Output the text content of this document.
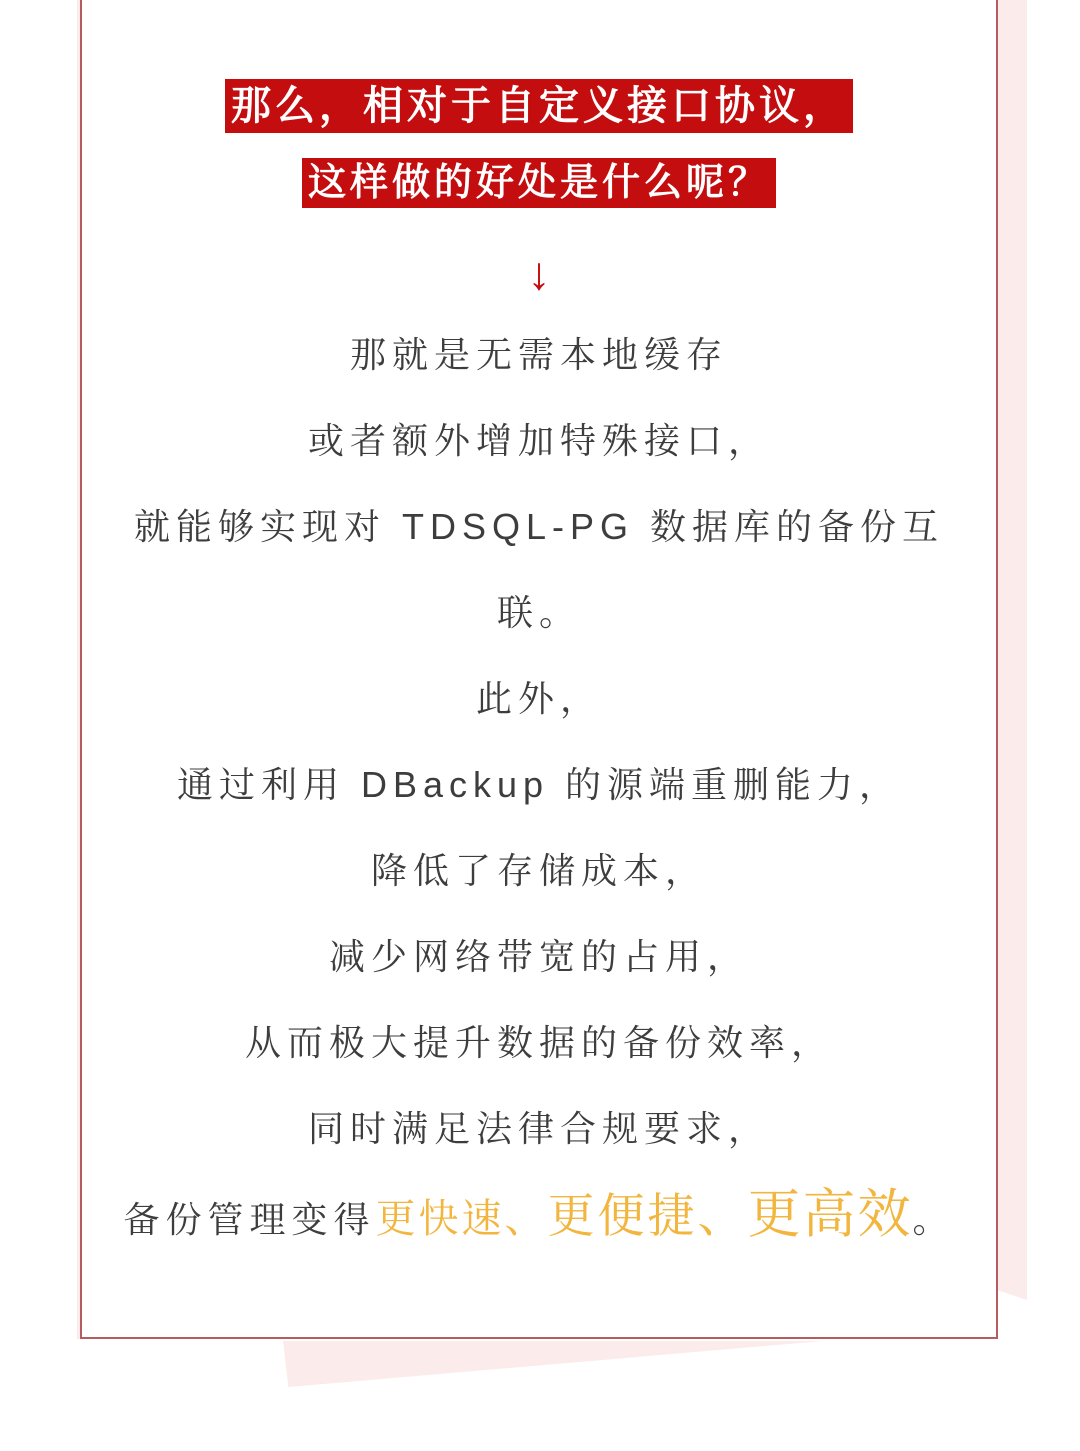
那么，相对于自定义接口协议，
这样做的好处是什么呢？
↓

那就是无需本地缓存

或者额外增加特殊接口，

就能够实现对 TDSQL-PG 数据库的备份互

联。

此外，

通过利用 DBackup 的源端重删能力，

降低了存储成本，

减少网络带宽的占用，

从而极大提升数据的备份效率，

同时满足法律合规要求，

备份管理变得更快速、更便捷、更高效。
